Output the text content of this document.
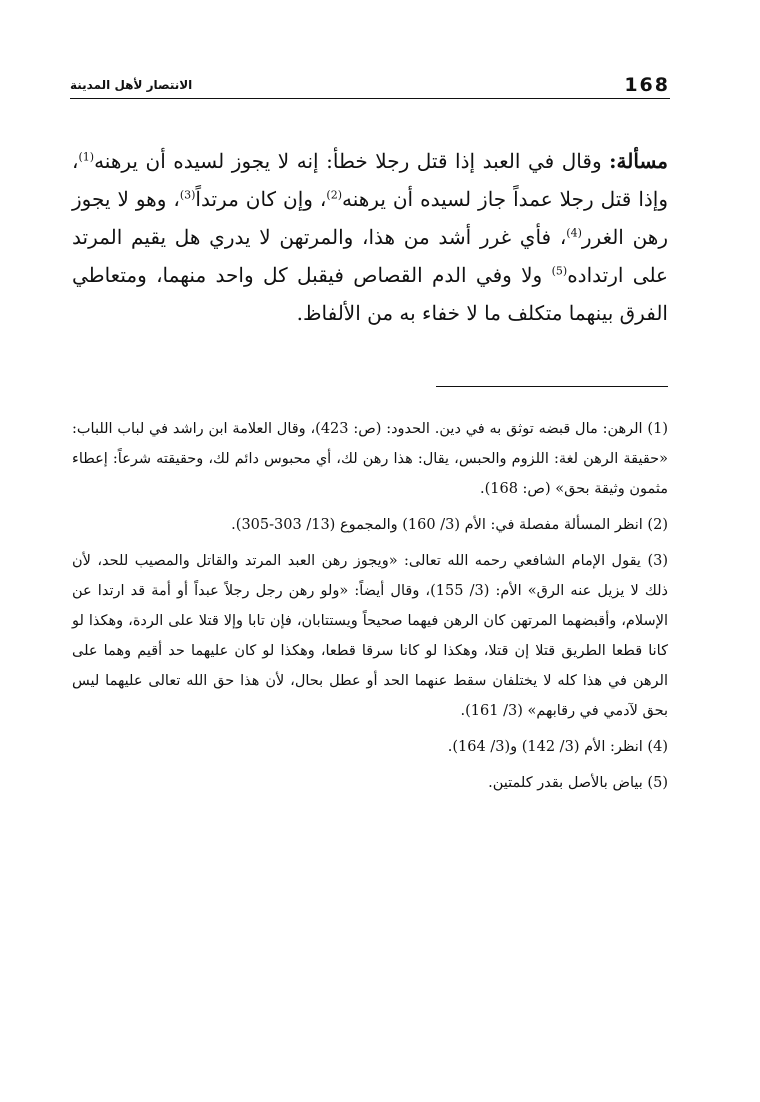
الانتصار لأهل المدينة	168
مسألة: وقال في العبد إذا قتل رجلا خطأ: إنه لا يجوز لسيده أن يرهنه$^{(1)}$، وإذا قتل رجلا عمداً جاز لسيده أن يرهنه$^{(2)}$، وإن كان مرتداً$^{(3)}$، وهو لا يجوز رهن الغرر$^{(4)}$، فأي غرر أشد من هذا، والمرتهن لا يدري هل يقيم المرتد على ارتداده$^{(5)}$ ولا وفي الدم القصاص فيقبل كل واحد منهما، ومتعاطي الفرق بينهما متكلف ما لا خفاء به من الألفاظ.

(1) الرهن: مال قبضه توثق به في دين. الحدود: (ص: 423)، وقال العلامة ابن راشد في لباب اللباب: «حقيقة الرهن لغة: اللزوم والحبس، يقال: هذا رهن لك، أي محبوس دائم لك، وحقيقته شرعاً: إعطاء مثمون وثيقة بحق» (ص: 168).

(2) انظر المسألة مفصلة في: الأم (3/ 160) والمجموع (13/ 303-305).

(3) يقول الإمام الشافعي رحمه الله تعالى: «ويجوز رهن العبد المرتد والقاتل والمصيب للحد، لأن ذلك لا يزيل عنه الرق» الأم: (3/ 155)، وقال أيضاً: «ولو رهن رجل رجلاً عبداً أو أمة قد ارتدا عن الإسلام، وأقبضهما المرتهن كان الرهن فيهما صحيحاً ويستتابان، فإن تابا وإلا قتلا على الردة، وهكذا لو كانا قطعا الطريق قتلا إن قتلا، وهكذا لو كانا سرقا قطعا، وهكذا لو كان عليهما حد أقيم وهما على الرهن في هذا كله لا يختلفان سقط عنهما الحد أو عطل بحال، لأن هذا حق الله تعالى عليهما ليس بحق لآدمي في رقابهم» (3/ 161).

(4) انظر: الأم (3/ 142) و(3/ 164).

(5) بياض بالأصل بقدر كلمتين.
